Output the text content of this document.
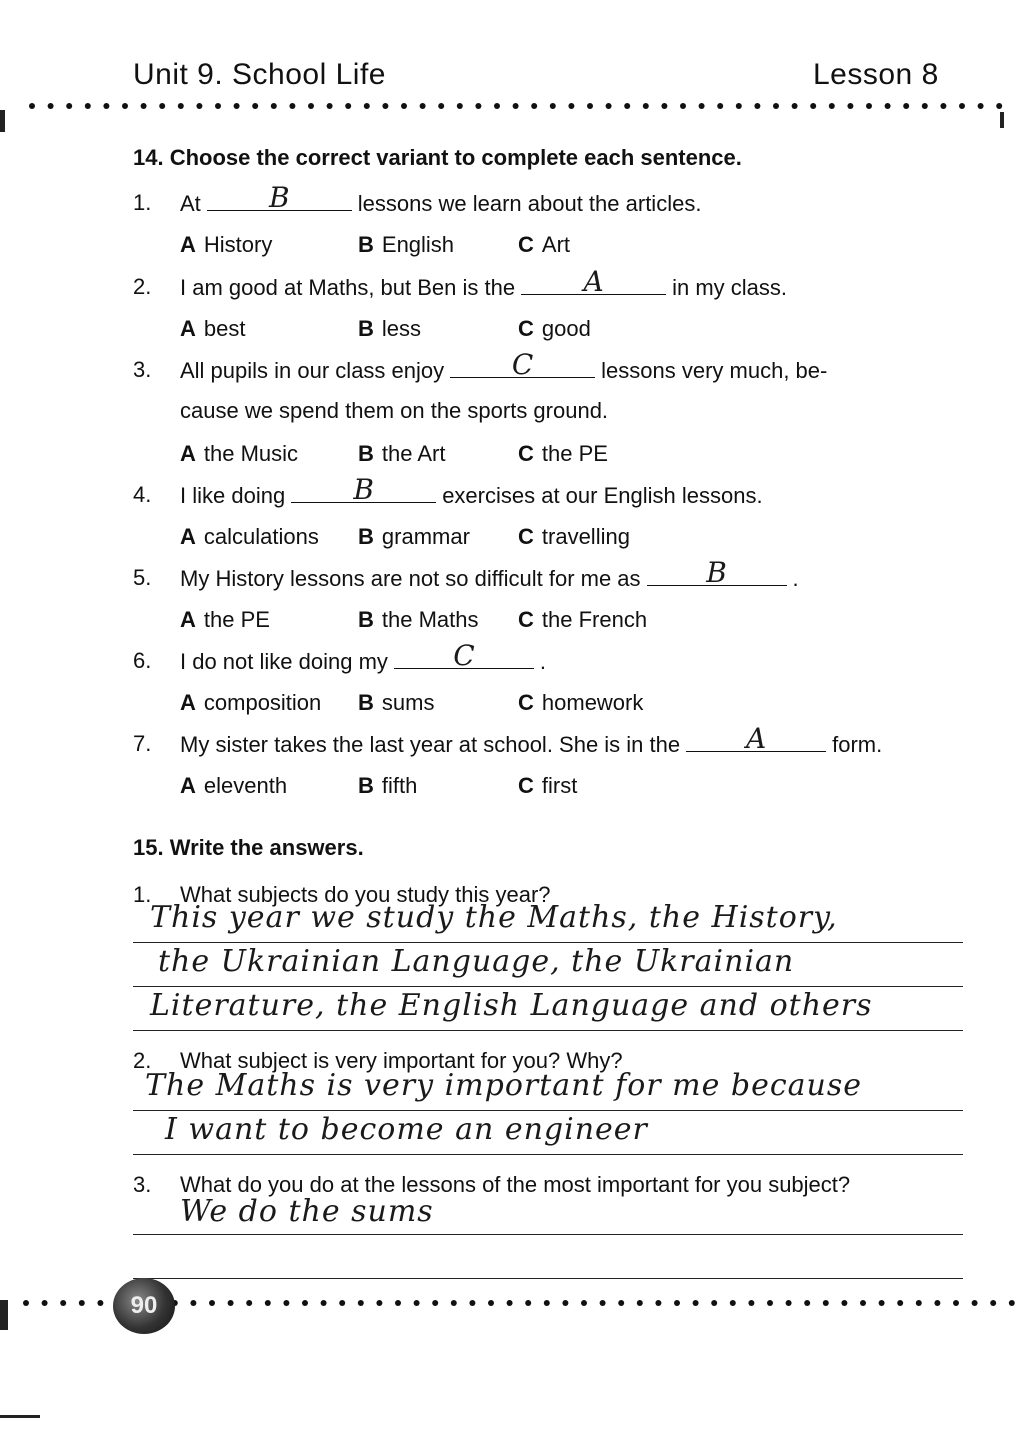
Unit 9. School Life	Lesson 8
14. Choose the correct variant to complete each sentence.
1. At	B	lessons we learn about the articles.
A History	B English	C Art
2. I am good at Maths, but Ben is the	A	in my class.
A best	B less	C good
3. All pupils in our class enjoy	C	lessons very much, be-
cause we spend them on the sports ground.
A the Music	B the Art	C the PE
4. I like doing	B	exercises at our English lessons.
A calculations B grammar C travelling
5. My History lessons are not so difficult for me as	B	.
A the PE	B the Maths C the French
6. I do not like doing my	C	.
A composition B sums	C homework
7. My sister takes the last year at school. She is in the	A	form.
A eleventh	B fifth	C first
15. Write the answers.
1. What subjects do you study this year?
This year we study the Maths, the History,
the Ukrainian Language, the Ukrainian
Literature, the English Language and others
2. What subject is very important for you? Why?
The Maths is very important for me because
I want to become an engineer
3. What do you do at the lessons of the most important for you subject?
We do the sums
90
